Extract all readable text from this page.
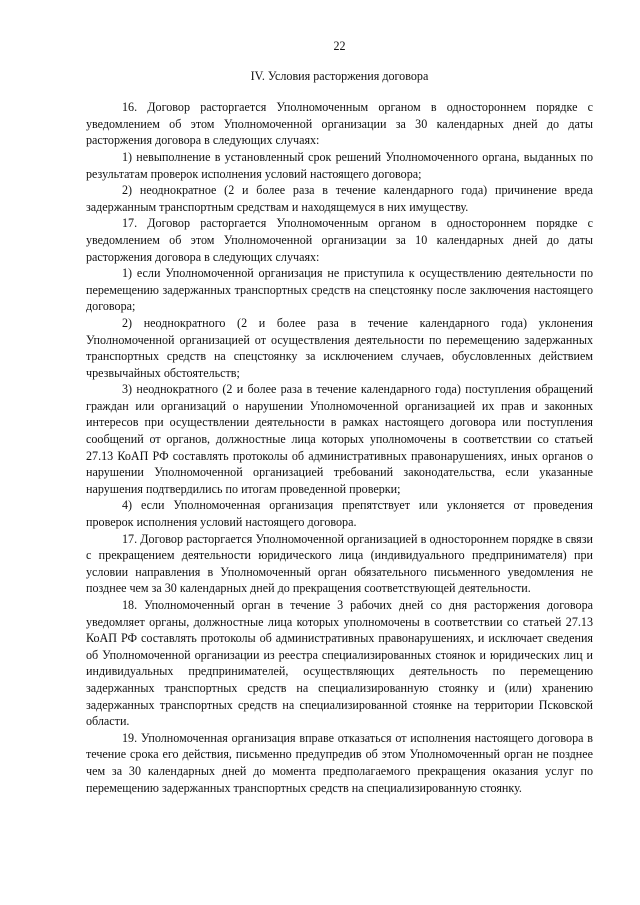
22
IV. Условия расторжения договора

16. Договор расторгается Уполномоченным органом в одностороннем порядке с уведомлением об этом Уполномоченной организации за 30 календарных дней до даты расторжения договора в следующих случаях:

1) невыполнение в установленный срок решений Уполномоченного органа, выданных по результатам проверок исполнения условий настоящего договора;

2) неоднократное (2 и более раза в течение календарного года) причинение вреда задержанным транспортным средствам и находящемуся в них имуществу.

17. Договор расторгается Уполномоченным органом в одностороннем порядке с уведомлением об этом Уполномоченной организации за 10 календарных дней до даты расторжения договора в следующих случаях:

1) если Уполномоченной организация не приступила к осуществлению деятельности по перемещению задержанных транспортных средств на спецстоянку после заключения настоящего договора;

2) неоднократного (2 и более раза в течение календарного года) уклонения Уполномоченной организацией от осуществления деятельности по перемещению задержанных транспортных средств на спецстоянку за исключением случаев, обусловленных действием чрезвычайных обстоятельств;

3) неоднократного (2 и более раза в течение календарного года) поступления обращений граждан или организаций о нарушении Уполномоченной организацией их прав и законных интересов при осуществлении деятельности в рамках настоящего договора или поступления сообщений от органов, должностные лица которых уполномочены в соответствии со статьей 27.13 КоАП РФ составлять протоколы об административных правонарушениях, иных органов о нарушении Уполномоченной организацией требований законодательства, если указанные нарушения подтвердились по итогам проведенной проверки;

4) если Уполномоченная организация препятствует или уклоняется от проведения проверок исполнения условий настоящего договора.

17. Договор расторгается Уполномоченной организацией в одностороннем порядке в связи с прекращением деятельности юридического лица (индивидуального предпринимателя) при условии направления в Уполномоченный орган обязательного письменного уведомления не позднее чем за 30 календарных дней до прекращения соответствующей деятельности.

18. Уполномоченный орган в течение 3 рабочих дней со дня расторжения договора уведомляет органы, должностные лица которых уполномочены в соответствии со статьей 27.13 КоАП РФ составлять протоколы об административных правонарушениях, и исключает сведения об Уполномоченной организации из реестра специализированных стоянок и юридических лиц и индивидуальных предпринимателей, осуществляющих деятельность по перемещению задержанных транспортных средств на специализированную стоянку и (или) хранению задержанных транспортных средств на специализированной стоянке на территории Псковской области.

19. Уполномоченная организация вправе отказаться от исполнения настоящего договора в течение срока его действия, письменно предупредив об этом Уполномоченный орган не позднее чем за 30 календарных дней до момента предполагаемого прекращения оказания услуг по перемещению задержанных транспортных средств на специализированную стоянку.
